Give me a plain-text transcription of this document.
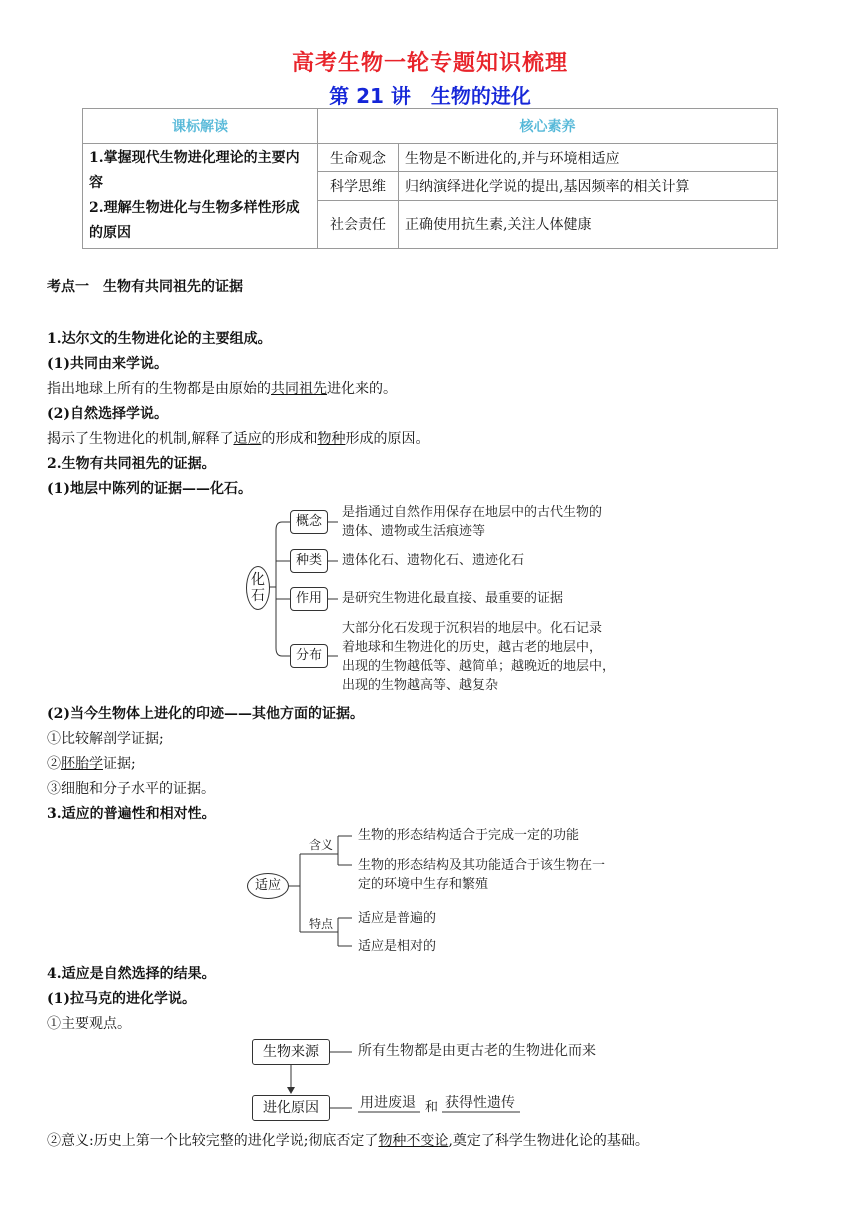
高考生物一轮专题知识梳理
第 21 讲　生物的进化
课标解读	核心素养	

1.掌握现代生物进化理论的主要内容
2.理解生物进化与生物多样性形成的原因	生命观念	生物是不断进化的,并与环境相适应
	科学思维	归纳演绎进化学说的提出,基因频率的相关计算
	社会责任	正确使用抗生素,关注人体健康
考点一　生物有共同祖先的证据
1.达尔文的生物进化论的主要组成。
(1)共同由来学说。
指出地球上所有的生物都是由原始的共同祖先进化来的。
(2)自然选择学说。
揭示了生物进化的机制,解释了适应的形成和物种形成的原因。
2.生物有共同祖先的证据。
(1)地层中陈列的证据——化石。
化石
概念
种类
作用
分布
是指通过自然作用保存在地层中的古代生物的
遗体、遗物或生活痕迹等
遗体化石、遗物化石、遗迹化石
是研究生物进化最直接、最重要的证据
大部分化石发现于沉积岩的地层中。化石记录
着地球和生物进化的历史，越古老的地层中，
出现的生物越低等、越简单；越晚近的地层中，
出现的生物越高等、越复杂
(2)当今生物体上进化的印迹——其他方面的证据。
①比较解剖学证据;
②胚胎学证据;
③细胞和分子水平的证据。
3.适应的普遍性和相对性。
适应
含义
特点
生物的形态结构适合于完成一定的功能
生物的形态结构及其功能适合于该生物在一
定的环境中生存和繁殖
适应是普遍的
适应是相对的
4.适应是自然选择的结果。
(1)拉马克的进化学说。
①主要观点。
生物来源
进化原因
所有生物都是由更古老的生物进化而来
用进废退 和 获得性遗传
②意义:历史上第一个比较完整的进化学说;彻底否定了物种不变论,奠定了科学生物进化论的基础。
